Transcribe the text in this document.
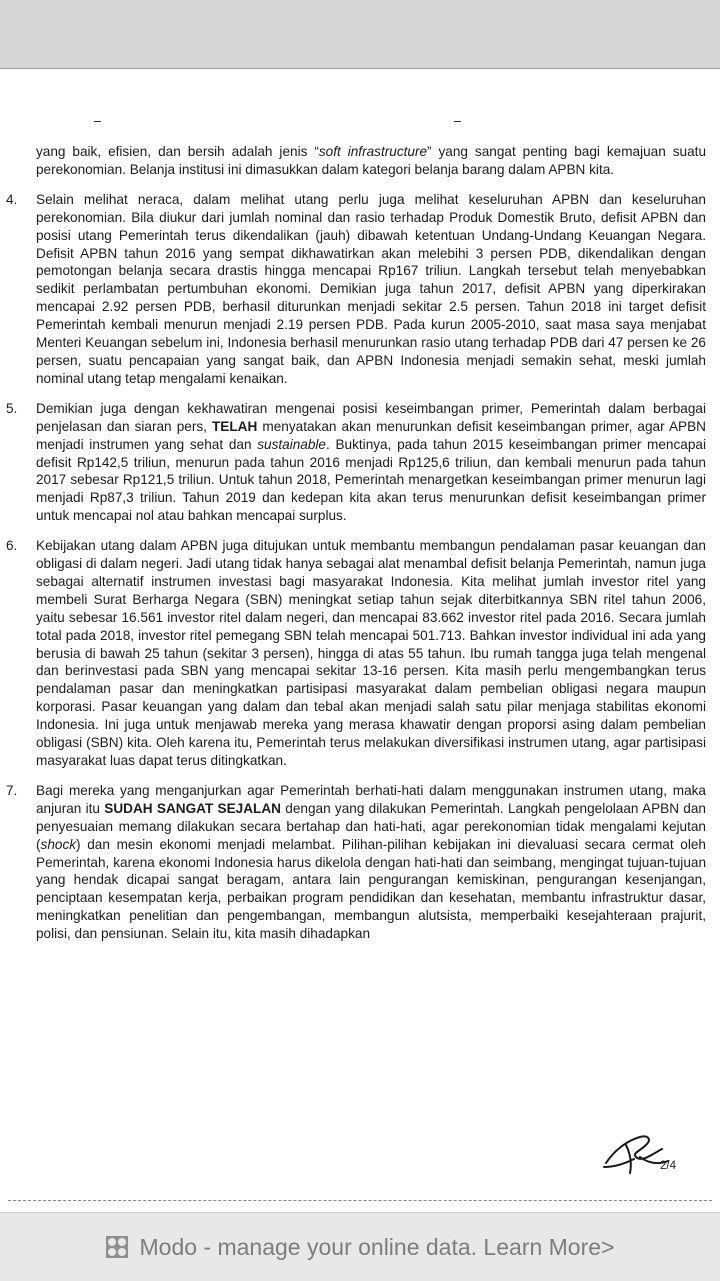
yang baik, efisien, dan bersih adalah jenis “soft infrastructure” yang sangat penting bagi kemajuan suatu perekonomian. Belanja institusi ini dimasukkan dalam kategori belanja barang dalam APBN kita.
4.	Selain melihat neraca, dalam melihat utang perlu juga melihat keseluruhan APBN dan keseluruhan perekonomian. Bila diukur dari jumlah nominal dan rasio terhadap Produk Domestik Bruto, defisit APBN dan posisi utang Pemerintah terus dikendalikan (jauh) dibawah ketentuan Undang-Undang Keuangan Negara. Defisit APBN tahun 2016 yang sempat dikhawatirkan akan melebihi 3 persen PDB, dikendalikan dengan pemotongan belanja secara drastis hingga mencapai Rp167 triliun. Langkah tersebut telah menyebabkan sedikit perlambatan pertumbuhan ekonomi. Demikian juga tahun 2017, defisit APBN yang diperkirakan mencapai 2.92 persen PDB, berhasil diturunkan menjadi sekitar 2.5 persen. Tahun 2018 ini target defisit Pemerintah kembali menurun menjadi 2.19 persen PDB. Pada kurun 2005-2010, saat masa saya menjabat Menteri Keuangan sebelum ini, Indonesia berhasil menurunkan rasio utang terhadap PDB dari 47 persen ke 26 persen, suatu pencapaian yang sangat baik, dan APBN Indonesia menjadi semakin sehat, meski jumlah nominal utang tetap mengalami kenaikan.
5.	Demikian juga dengan kekhawatiran mengenai posisi keseimbangan primer, Pemerintah dalam berbagai penjelasan dan siaran pers, TELAH menyatakan akan menurunkan defisit keseimbangan primer, agar APBN menjadi instrumen yang sehat dan sustainable. Buktinya, pada tahun 2015 keseimbangan primer mencapai defisit Rp142,5 triliun, menurun pada tahun 2016 menjadi Rp125,6 triliun, dan kembali menurun pada tahun 2017 sebesar Rp121,5 triliun. Untuk tahun 2018, Pemerintah menargetkan keseimbangan primer menurun lagi menjadi Rp87,3 triliun. Tahun 2019 dan kedepan kita akan terus menurunkan defisit keseimbangan primer untuk mencapai nol atau bahkan mencapai surplus.
6.	Kebijakan utang dalam APBN juga ditujukan untuk membantu membangun pendalaman pasar keuangan dan obligasi di dalam negeri. Jadi utang tidak hanya sebagai alat menambal defisit belanja Pemerintah, namun juga sebagai alternatif instrumen investasi bagi masyarakat Indonesia. Kita melihat jumlah investor ritel yang membeli Surat Berharga Negara (SBN) meningkat setiap tahun sejak diterbitkannya SBN ritel tahun 2006, yaitu sebesar 16.561 investor ritel dalam negeri, dan mencapai 83.662 investor ritel pada 2016. Secara jumlah total pada 2018, investor ritel pemegang SBN telah mencapai 501.713. Bahkan investor individual ini ada yang berusia di bawah 25 tahun (sekitar 3 persen), hingga di atas 55 tahun. Ibu rumah tangga juga telah mengenal dan berinvestasi pada SBN yang mencapai sekitar 13-16 persen. Kita masih perlu mengembangkan terus pendalaman pasar dan meningkatkan partisipasi masyarakat dalam pembelian obligasi negara maupun korporasi. Pasar keuangan yang dalam dan tebal akan menjadi salah satu pilar menjaga stabilitas ekonomi Indonesia. Ini juga untuk menjawab mereka yang merasa khawatir dengan proporsi asing dalam pembelian obligasi (SBN) kita. Oleh karena itu, Pemerintah terus melakukan diversifikasi instrumen utang, agar partisipasi masyarakat luas dapat terus ditingkatkan.
7.	Bagi mereka yang menganjurkan agar Pemerintah berhati-hati dalam menggunakan instrumen utang, maka anjuran itu SUDAH SANGAT SEJALAN dengan yang dilakukan Pemerintah. Langkah pengelolaan APBN dan penyesuaian memang dilakukan secara bertahap dan hati-hati, agar perekonomian tidak mengalami kejutan (shock) dan mesin ekonomi menjadi melambat. Pilihan-pilihan kebijakan ini dievaluasi secara cermat oleh Pemerintah, karena ekonomi Indonesia harus dikelola dengan hati-hati dan seimbang, mengingat tujuan-tujuan yang hendak dicapai sangat beragam, antara lain pengurangan kemiskinan, pengurangan kesenjangan, penciptaan kesempatan kerja, perbaikan program pendidikan dan kesehatan, membantu infrastruktur dasar, meningkatkan penelitian dan pengembangan, membangun alutsista, memperbaiki kesejahteraan prajurit, polisi, dan pensiunan. Selain itu, kita masih dihadapkan
2/4
Modo - manage your online data. Learn More>
